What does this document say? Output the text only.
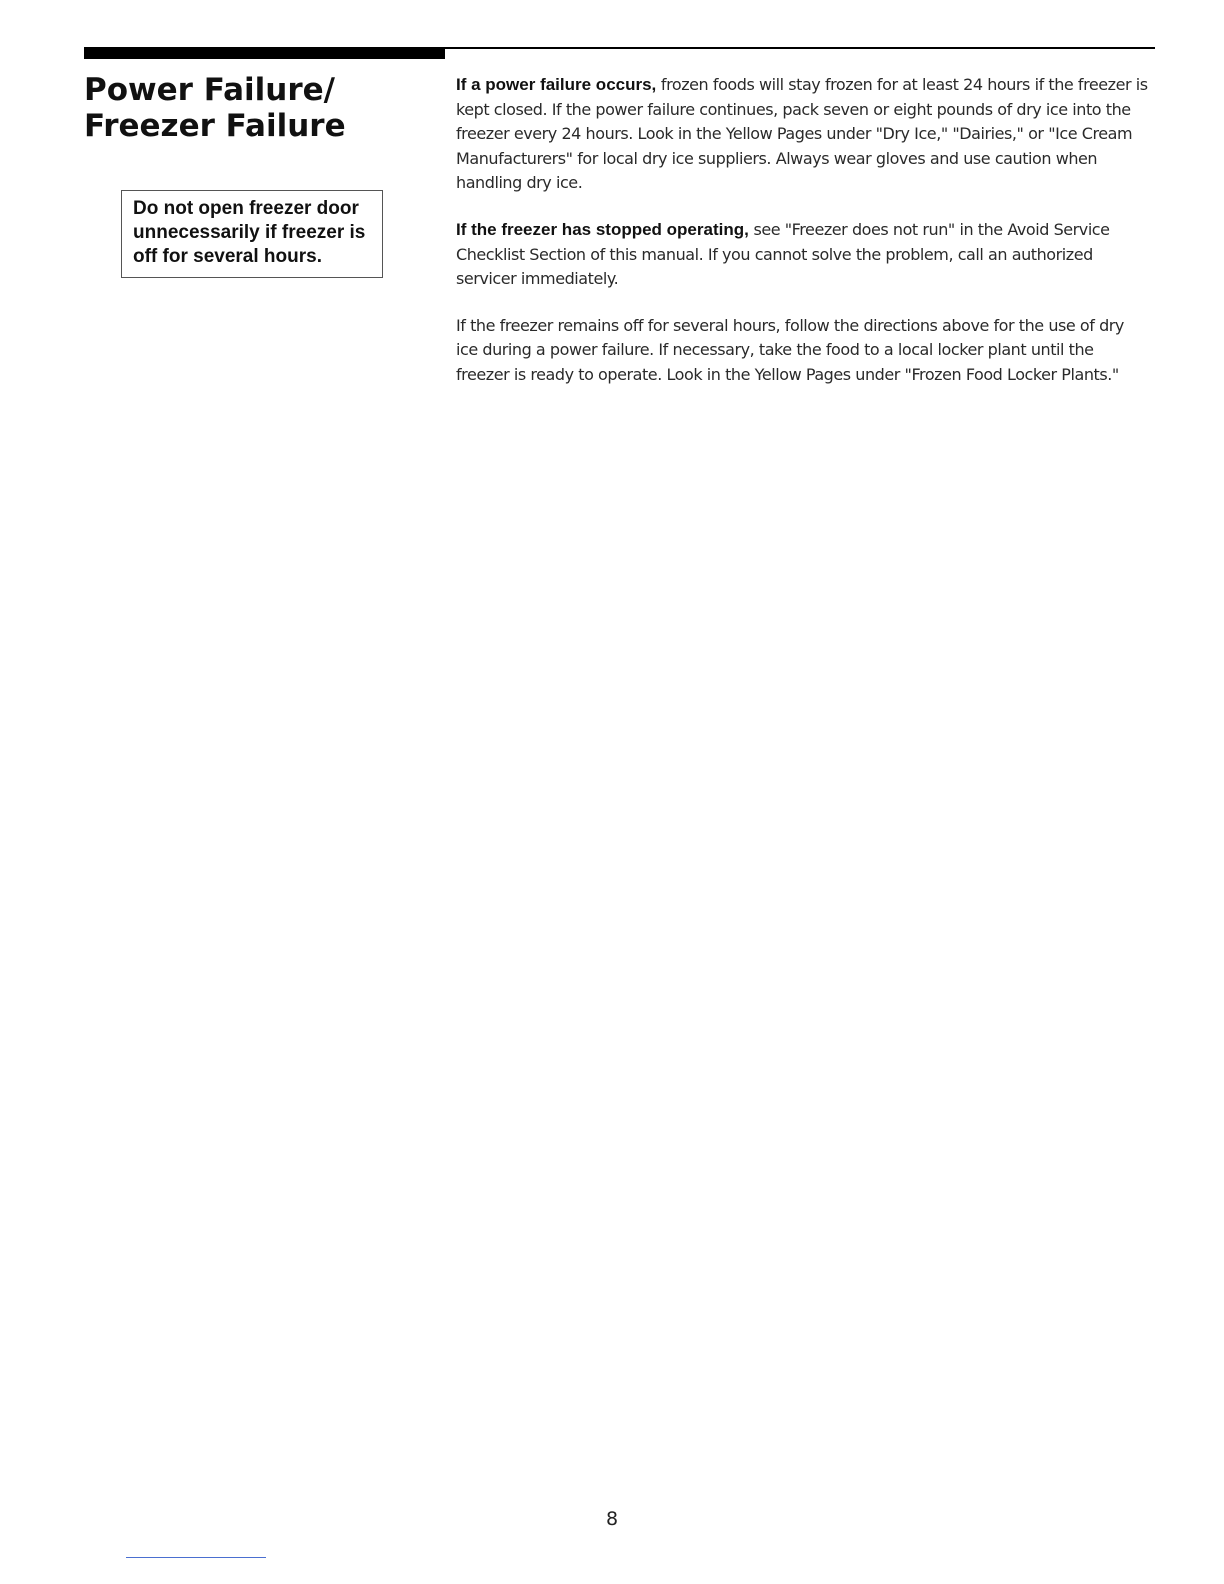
Power Failure/
Freezer Failure
Do not open freezer door unnecessarily if freezer is off for several hours.

If a power failure occurs, frozen foods will stay frozen for at least 24 hours if the freezer is kept closed. If the power failure continues, pack seven or eight pounds of dry ice into the freezer every 24 hours. Look in the Yellow Pages under "Dry Ice," "Dairies," or "Ice Cream Manufacturers" for local dry ice suppliers. Always wear gloves and use caution when handling dry ice.

If the freezer has stopped operating, see "Freezer does not run" in the Avoid Service Checklist Section of this manual. If you cannot solve the problem, call an authorized servicer immediately.

If the freezer remains off for several hours, follow the directions above for the use of dry ice during a power failure. If necessary, take the food to a local locker plant until the freezer is ready to operate. Look in the Yellow Pages under "Frozen Food Locker Plants."

8
